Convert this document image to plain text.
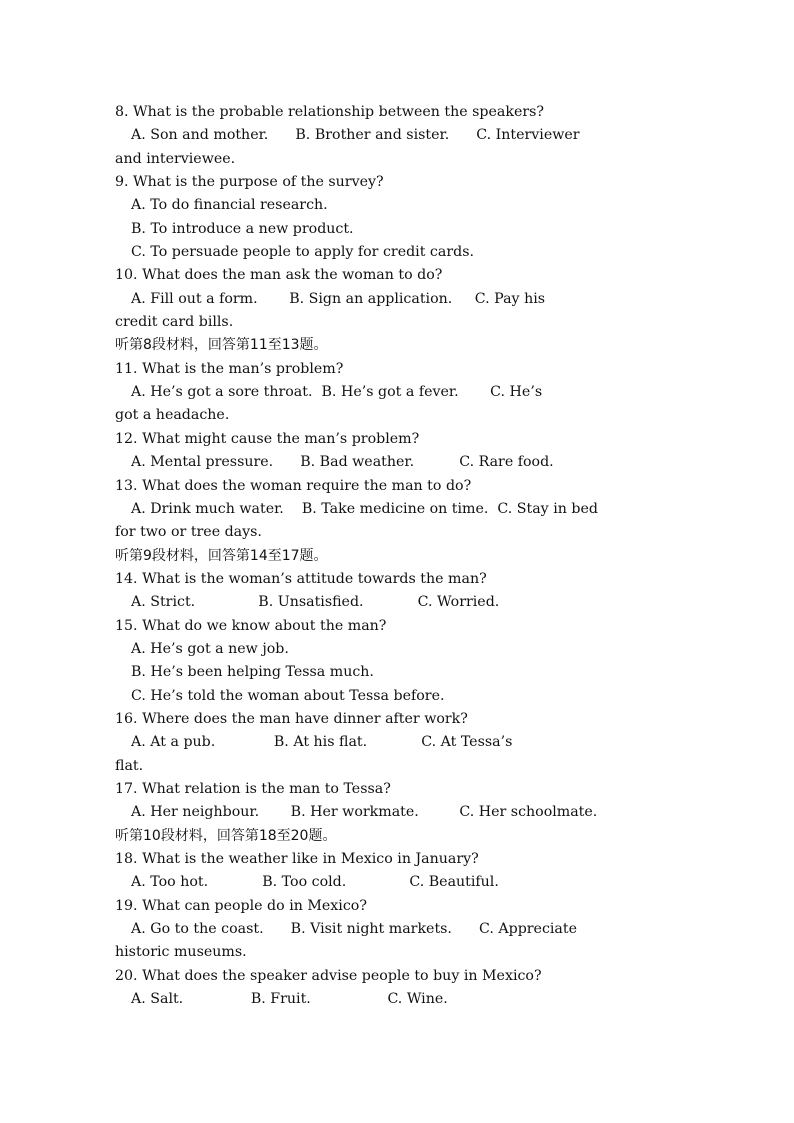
8. What is the probable relationship between the speakers?

A. Son and mother.      B. Brother and sister.      C. Interviewer

and interviewee.

9. What is the purpose of the survey?

A. To do financial research.

B. To introduce a new product.

C. To persuade people to apply for credit cards.

10. What does the man ask the woman to do?

A. Fill out a form.       B. Sign an application.     C. Pay his

credit card bills.

听第8段材料，回答第11至13题。

11. What is the man’s problem?

A. He’s got a sore throat.  B. He’s got a fever.       C. He’s

got a headache.

12. What might cause the man’s problem?

A. Mental pressure.      B. Bad weather.          C. Rare food.

13. What does the woman require the man to do?

A. Drink much water.    B. Take medicine on time.  C. Stay in bed

for two or tree days.

听第9段材料，回答第14至17题。

14. What is the woman’s attitude towards the man?

A. Strict.              B. Unsatisfied.            C. Worried.

15. What do we know about the man?

A. He’s got a new job.

B. He’s been helping Tessa much.

C. He’s told the woman about Tessa before.

16. Where does the man have dinner after work?

A. At a pub.             B. At his flat.            C. At Tessa’s

flat.

17. What relation is the man to Tessa?

A. Her neighbour.       B. Her workmate.         C. Her schoolmate.

听第10段材料，回答第18至20题。

18. What is the weather like in Mexico in January?

A. Too hot.            B. Too cold.              C. Beautiful.

19. What can people do in Mexico?

A. Go to the coast.      B. Visit night markets.      C. Appreciate

historic museums.

20. What does the speaker advise people to buy in Mexico?

A. Salt.               B. Fruit.                 C. Wine.
